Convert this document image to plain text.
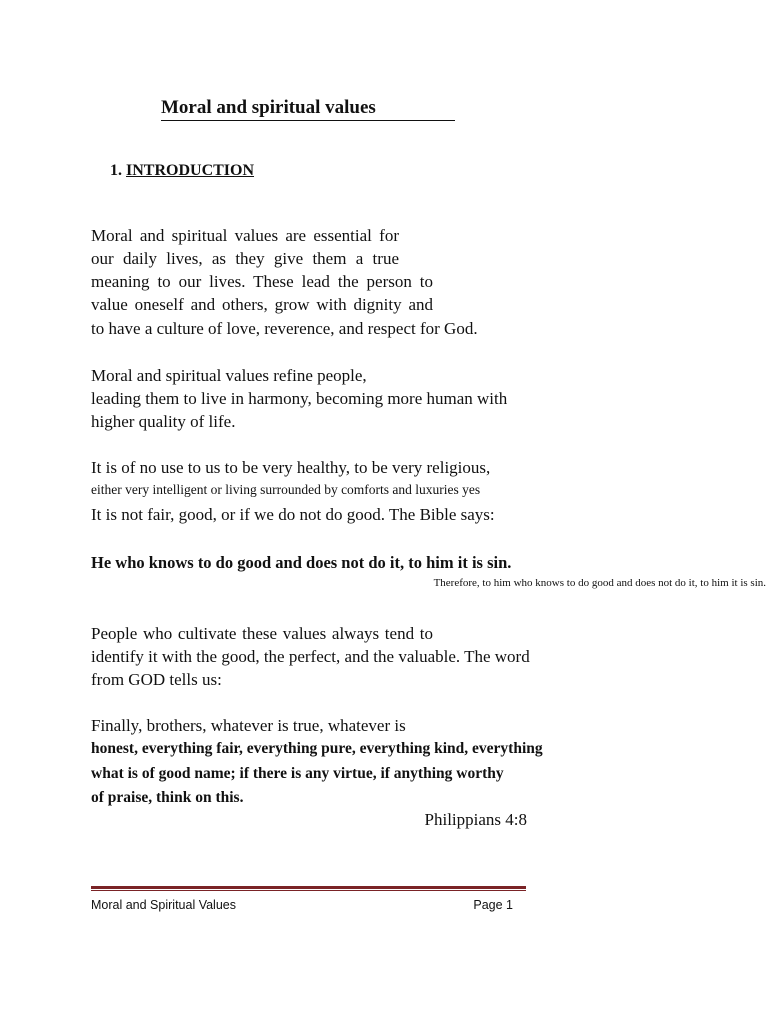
Moral and spiritual values
1. INTRODUCTION
Moral and spiritual values are essential for
our daily lives, as they give them a true
meaning to our lives. These lead the person to
value oneself and others, grow with dignity and
to have a culture of love, reverence, and respect for God.
Moral and spiritual values refine people,
leading them to live in harmony, becoming more human with
higher quality of life.
It is of no use to us to be very healthy, to be very religious,
either very intelligent or living surrounded by comforts and luxuries yes
It is not fair, good, or if we do not do good. The Bible says:
He who knows to do good and does not do it, to him it is sin.
Therefore, to him who knows to do good and does not do it, to him it is sin.
People who cultivate these values always tend to
identify it with the good, the perfect, and the valuable. The word
from GOD tells us:
Finally, brothers, whatever is true, whatever is
honest, everything fair, everything pure, everything kind, everything
what is of good name; if there is any virtue, if anything worthy
of praise, think on this.
Philippians 4:8
Moral and Spiritual Values	Page 1
